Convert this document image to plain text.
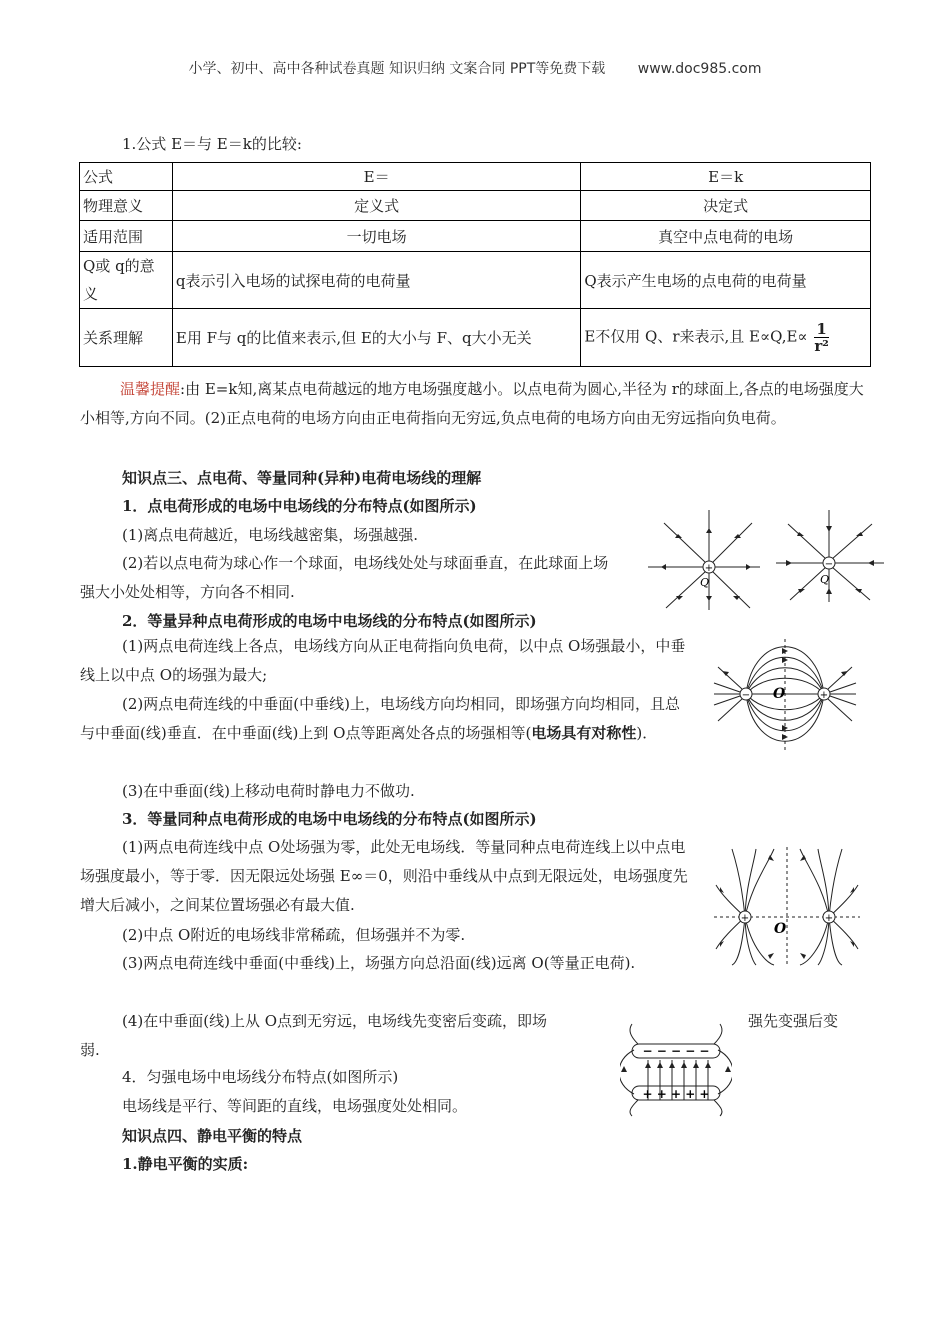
小学、初中、高中各种试卷真题 知识归纳 文案合同 PPT等免费下载 www.doc985.com
1.公式 E＝与 E＝k的比较:
公式	E＝	E＝k
物理意义	定义式	决定式
适用范围	一切电场	真空中点电荷的电场
Q或 q的意义	q表示引入电场的试探电荷的电荷量	Q表示产生电场的点电荷的电荷量
关系理解	E用 F与 q的比值来表示,但 E的大小与 F、q大小无关	E不仅用 Q、r来表示,且 $E\propto Q,E\propto \frac{1}{\text{r²}}$
温馨提醒:由 E=k知,离某点电荷越远的地方电场强度越小。以点电荷为圆心,半径为 r的球面上,各点的电场强度大小相等,方向不同。(2)正点电荷的电场方向由正电荷指向无穷远,负点电荷的电场方向由无穷远指向负电荷。
知识点三、点电荷、等量同种(异种)电荷电场线的理解
1．点电荷形成的电场中电场线的分布特点(如图所示)
(1)离点电荷越近，电场线越密集，场强越强.
(2)若以点电荷为球心作一个球面，电场线处处与球面垂直，在此球面上场强大小处处相等，方向各不相同.
2．等量异种点电荷形成的电场中电场线的分布特点(如图所示)
(1)两点电荷连线上各点，电场线方向从正电荷指向负电荷，以中点 O场强最小，中垂线上以中点 O的场强为最大;
(2)两点电荷连线的中垂面(中垂线)上，电场线方向均相同，即场强方向均相同，且总与中垂面(线)垂直．在中垂面(线)上到 O点等距离处各点的场强相等(电场具有对称性)．
(3)在中垂面(线)上移动电荷时静电力不做功.
3．等量同种点电荷形成的电场中电场线的分布特点(如图所示)
(1)两点电荷连线中点 O处场强为零，此处无电场线．等量同种点电荷连线上以中点电场强度最小，等于零．因无限远处场强 E∞＝0，则沿中垂线从中点到无限远处，电场强度先增大后减小，之间某位置场强必有最大值.
(2)中点 O附近的电场线非常稀疏，但场强并不为零.
(3)两点电荷连线中垂面(中垂线)上，场强方向总沿面(线)远离 O(等量正电荷).
(4)在中垂面(线)上从 O点到无穷远，电场线先变密后变疏，即场	强先变强后变
弱.
4．匀强电场中电场线分布特点(如图所示)
电场线是平行、等间距的直线，电场强度处处相同。
知识点四、静电平衡的特点
1.静电平衡的实质:
+
Q
−
Q
−	+
O
+	+
O
− − − − −
+ + + + +
